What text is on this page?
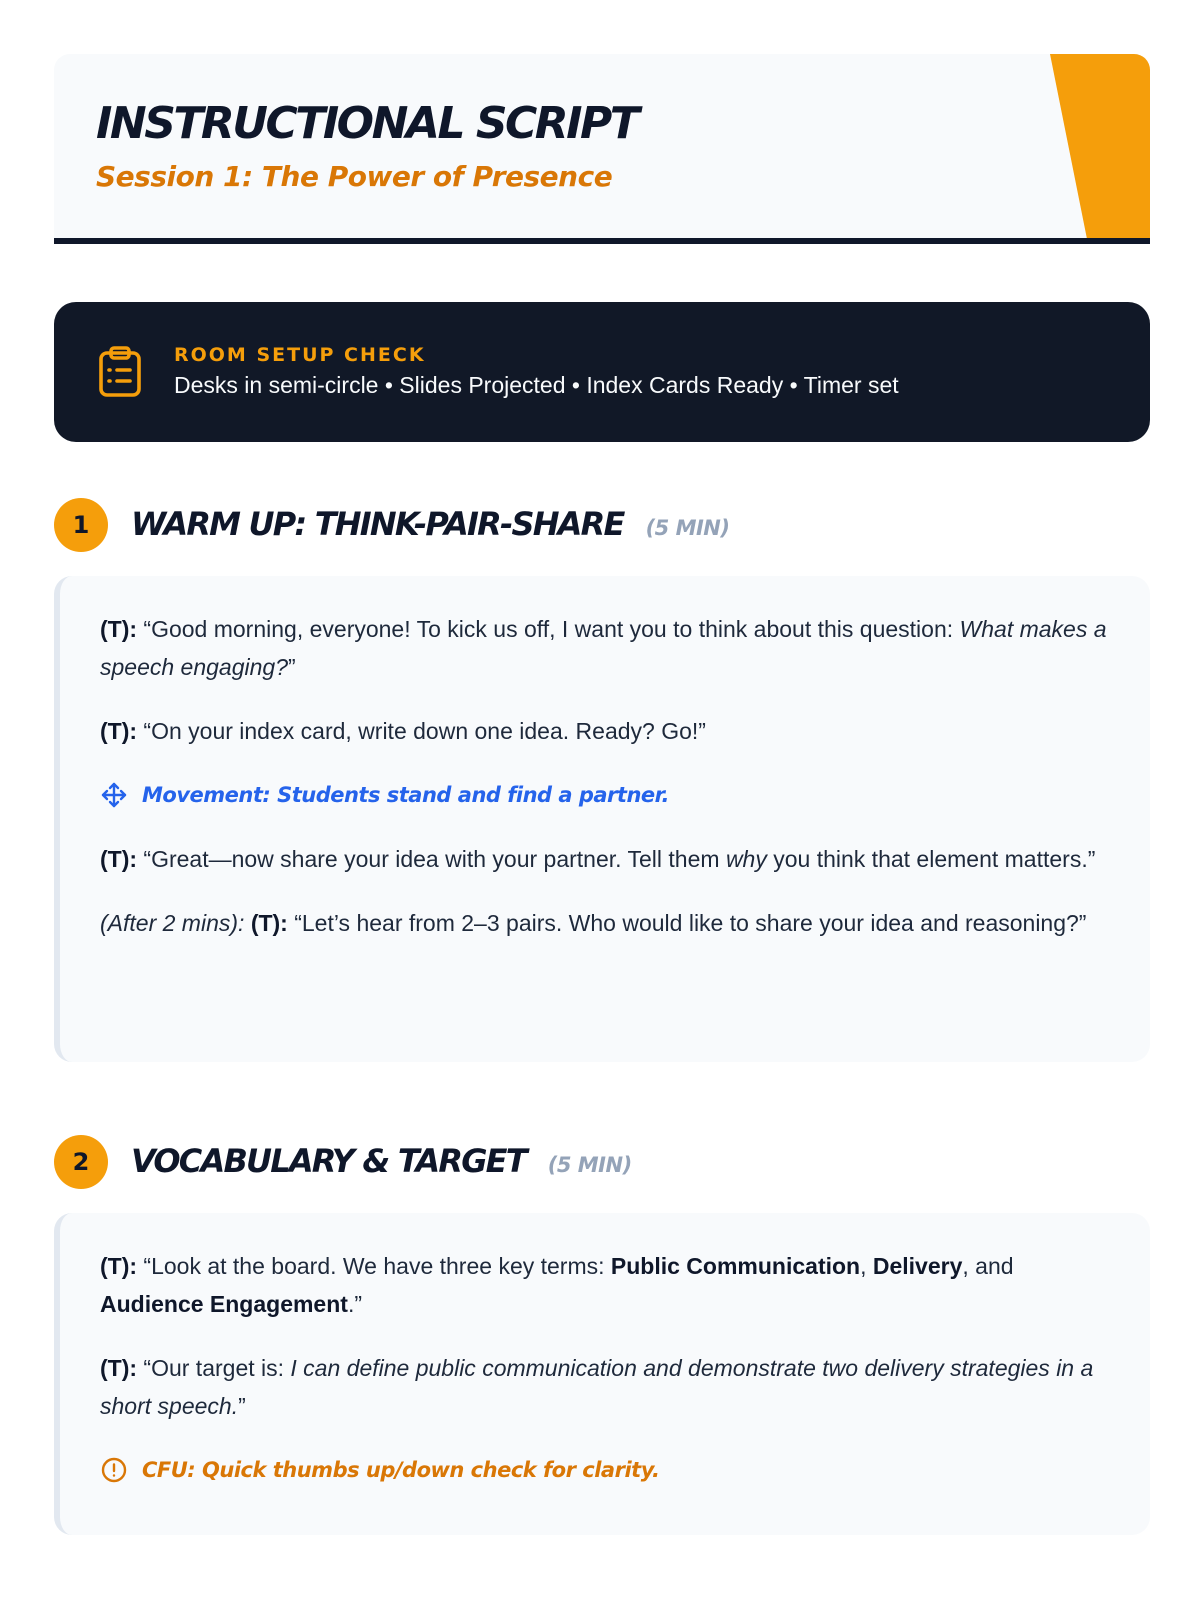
INSTRUCTIONAL SCRIPT
Session 1: The Power of Presence
ROOM SETUP CHECK
Desks in semi-circle • Slides Projected • Index Cards Ready • Timer set
1	WARM UP: THINK-PAIR-SHARE (5 MIN)

(T): “Good morning, everyone! To kick us off, I want you to think about this question: What makes a speech engaging?”

(T): “On your index card, write down one idea. Ready? Go!”

Movement: Students stand and find a partner.

(T): “Great—now share your idea with your partner. Tell them why you think that element matters.”

(After 2 mins): (T): “Let’s hear from 2–3 pairs. Who would like to share your idea and reasoning?”

2	VOCABULARY & TARGET (5 MIN)

(T): “Look at the board. We have three key terms: Public Communication, Delivery, and Audience Engagement.”

(T): “Our target is: I can define public communication and demonstrate two delivery strategies in a short speech.”

CFU: Quick thumbs up/down check for clarity.
